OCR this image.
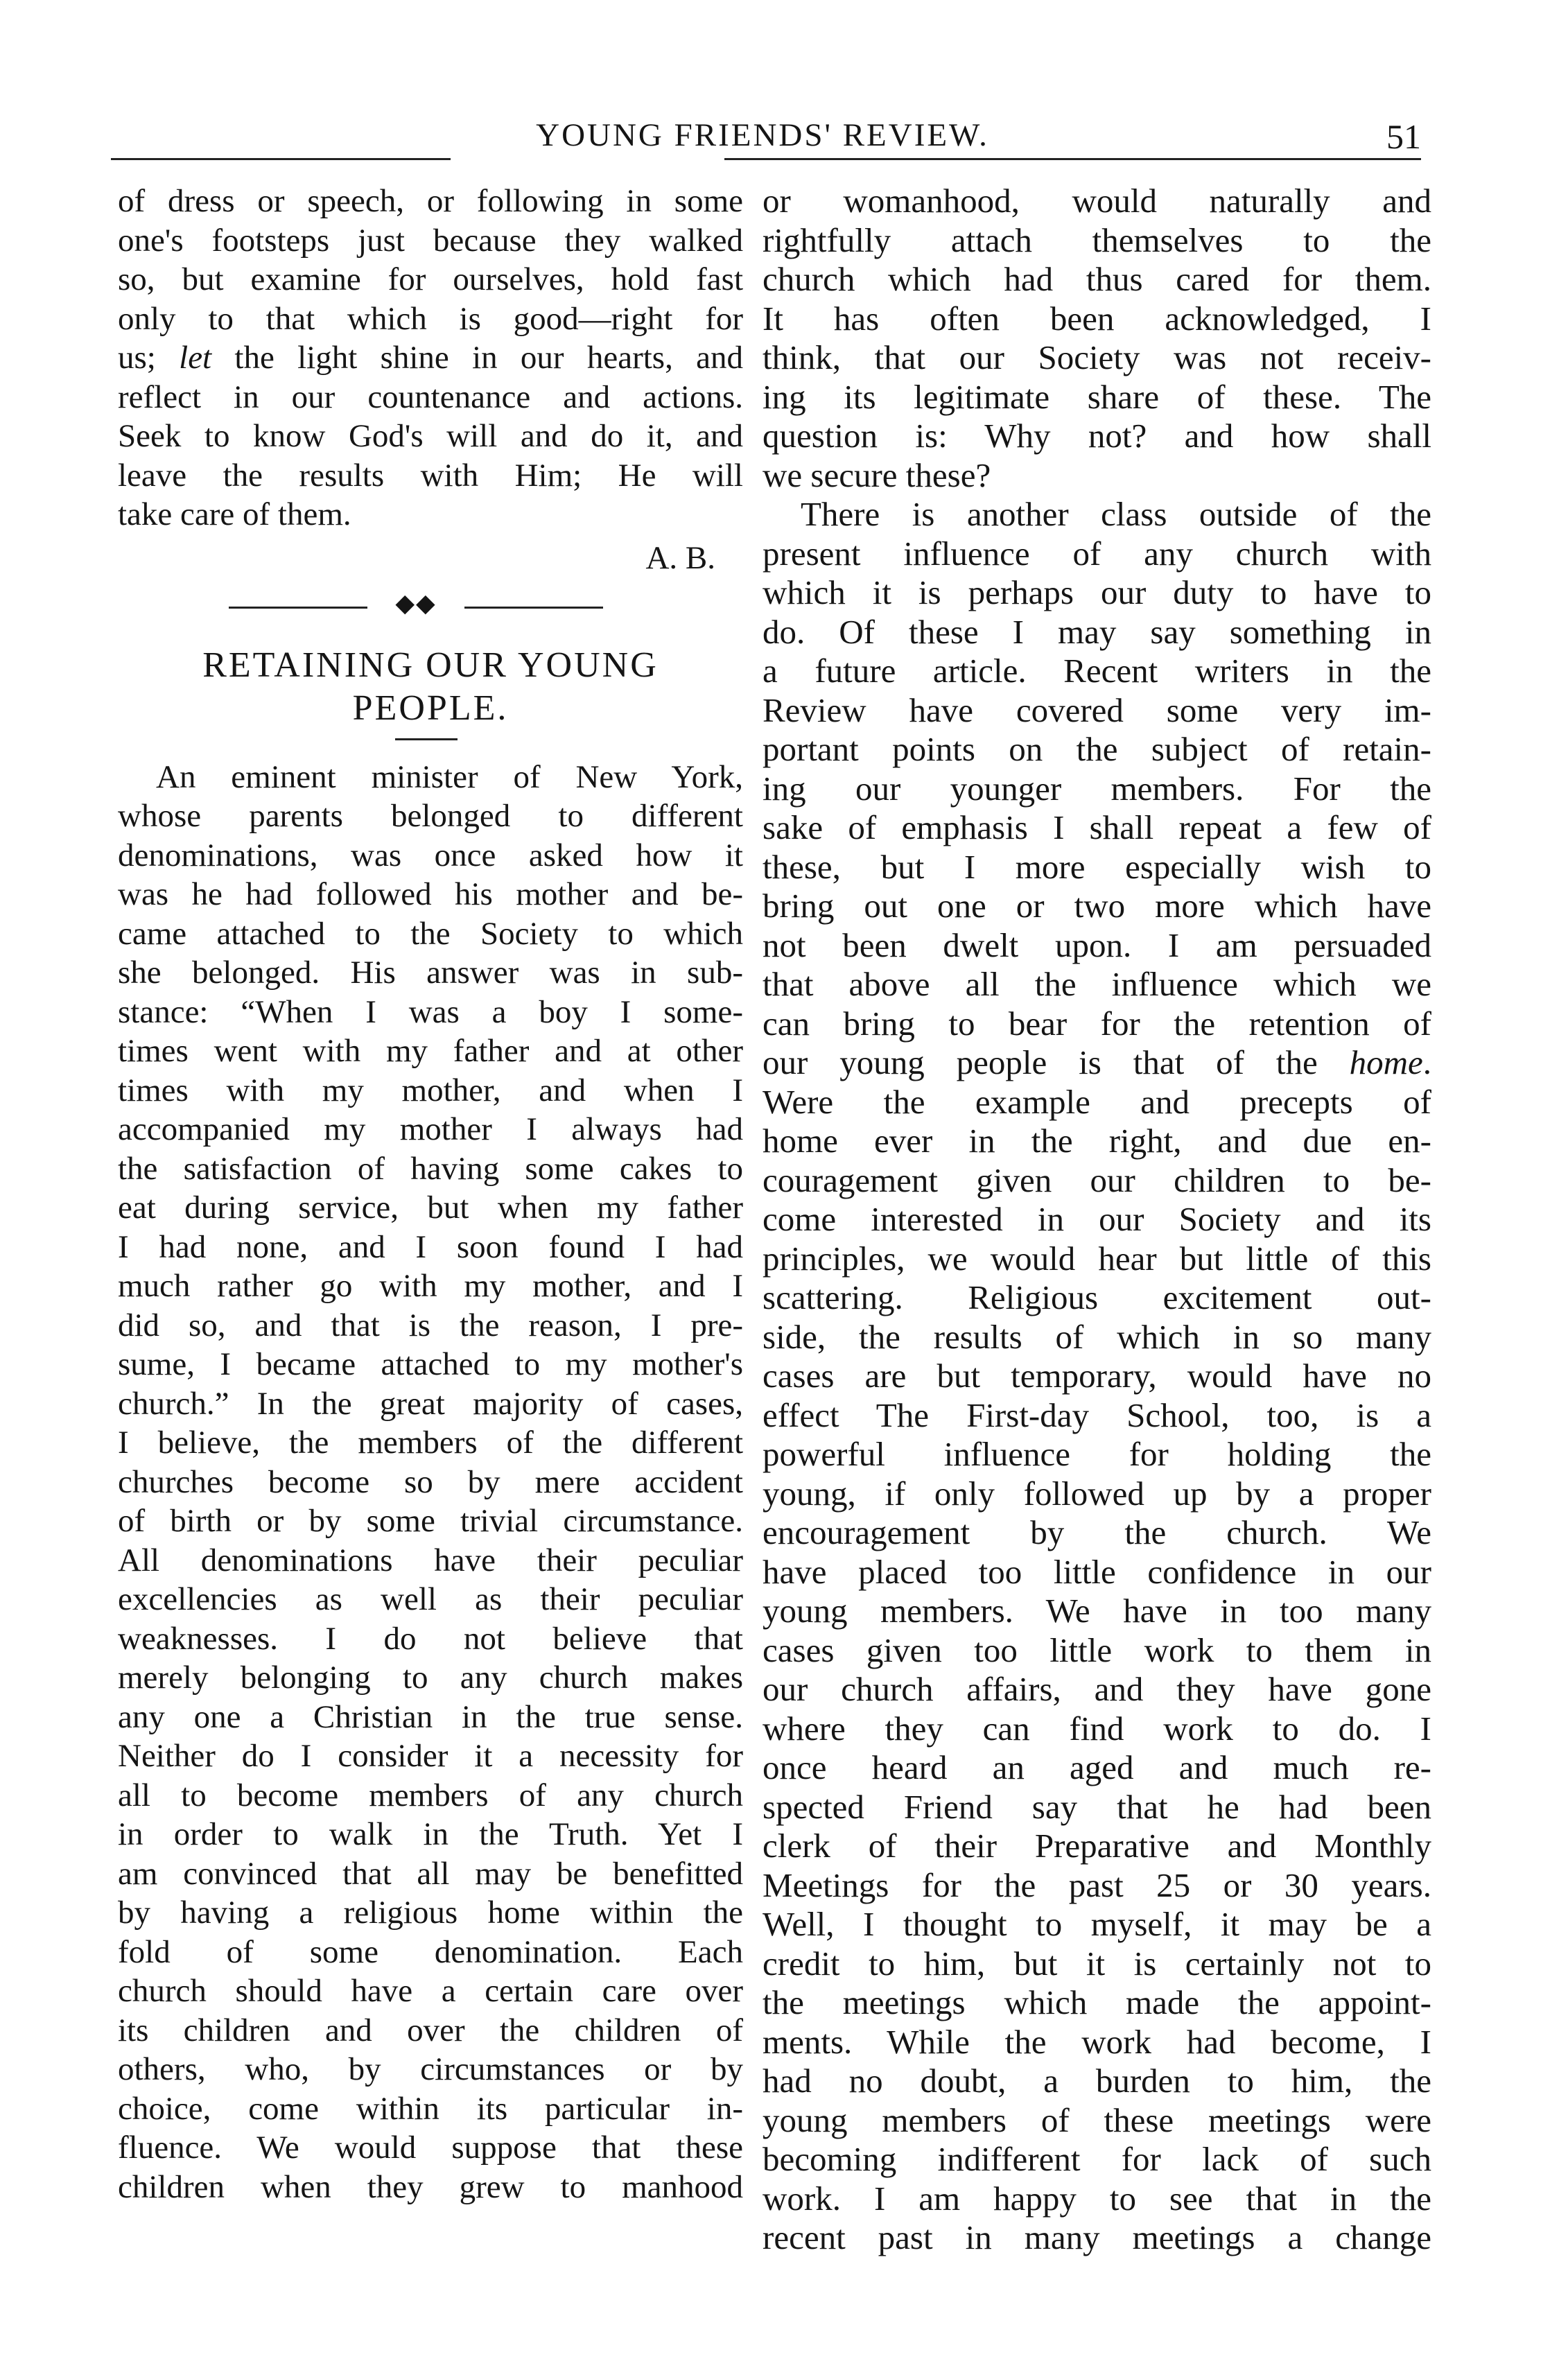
YOUNG FRIENDS' REVIEW.	51
of dress or speech, or following in some
one's footsteps just because they walked
so, but examine for ourselves, hold fast
only to that which is good—right for
us; let the light shine in our hearts, and
reflect in our countenance and actions.
Seek to know God's will and do it, and
leave the results with Him; He will
take care of them.
A. B.
◆◆
RETAINING OUR YOUNG
PEOPLE.
An eminent minister of New York,
whose parents belonged to different
denominations, was once asked how it
was he had followed his mother and be-
came attached to the Society to which
she belonged. His answer was in sub-
stance: “When I was a boy I some-
times went with my father and at other
times with my mother, and when I
accompanied my mother I always had
the satisfaction of having some cakes to
eat during service, but when my father
I had none, and I soon found I had
much rather go with my mother, and I
did so, and that is the reason, I pre-
sume, I became attached to my mother's
church.” In the great majority of cases,
I believe, the members of the different
churches become so by mere accident
of birth or by some trivial circumstance.
All denominations have their peculiar
excellencies as well as their peculiar
weaknesses. I do not believe that
merely belonging to any church makes
any one a Christian in the true sense.
Neither do I consider it a necessity for
all to become members of any church
in order to walk in the Truth. Yet I
am convinced that all may be benefitted
by having a religious home within the
fold of some denomination. Each
church should have a certain care over
its children and over the children of
others, who, by circumstances or by
choice, come within its particular in-
fluence. We would suppose that these
children when they grew to manhood
or womanhood, would naturally and
rightfully attach themselves to the
church which had thus cared for them.
It has often been acknowledged, I
think, that our Society was not receiv-
ing its legitimate share of these. The
question is: Why not? and how shall
we secure these?
There is another class outside of the
present influence of any church with
which it is perhaps our duty to have to
do. Of these I may say something in
a future article. Recent writers in the
Review have covered some very im-
portant points on the subject of retain-
ing our younger members. For the
sake of emphasis I shall repeat a few of
these, but I more especially wish to
bring out one or two more which have
not been dwelt upon. I am persuaded
that above all the influence which we
can bring to bear for the retention of
our young people is that of the home.
Were the example and precepts of
home ever in the right, and due en-
couragement given our children to be-
come interested in our Society and its
principles, we would hear but little of this
scattering. Religious excitement out-
side, the results of which in so many
cases are but temporary, would have no
effect The First-day School, too, is a
powerful influence for holding the
young, if only followed up by a proper
encouragement by the church. We
have placed too little confidence in our
young members. We have in too many
cases given too little work to them in
our church affairs, and they have gone
where they can find work to do. I
once heard an aged and much re-
spected Friend say that he had been
clerk of their Preparative and Monthly
Meetings for the past 25 or 30 years.
Well, I thought to myself, it may be a
credit to him, but it is certainly not to
the meetings which made the appoint-
ments. While the work had become, I
had no doubt, a burden to him, the
young members of these meetings were
becoming indifferent for lack of such
work. I am happy to see that in the
recent past in many meetings a change
